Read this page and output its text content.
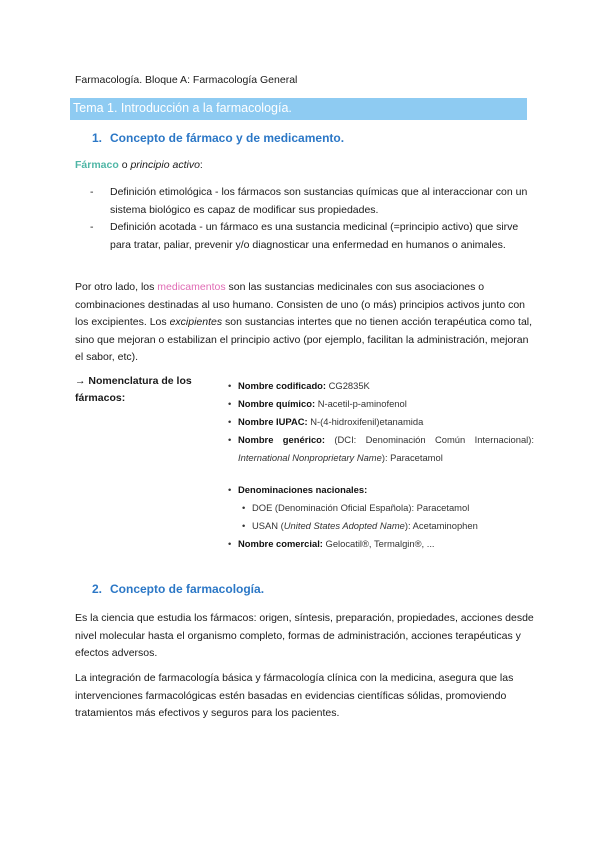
Farmacología. Bloque A: Farmacología General
Tema 1. Introducción a la farmacología.
1. Concepto de fármaco y de medicamento.
Fármaco o principio activo:
- Definición etimológica - los fármacos son sustancias químicas que al interaccionar con un sistema biológico es capaz de modificar sus propiedades.
- Definición acotada - un fármaco es una sustancia medicinal (=principio activo) que sirve para tratar, paliar, prevenir y/o diagnosticar una enfermedad en humanos o animales.
Por otro lado, los medicamentos son las sustancias medicinales con sus asociaciones o combinaciones destinadas al uso humano. Consisten de uno (o más) principios activos junto con los excipientes. Los excipientes son sustancias intertes que no tienen acción terapéutica como tal, sino que mejoran o estabilizan el principio activo (por ejemplo, facilitan la administración, mejoran el sabor, etc).
→ Nomenclatura de los fármacos:
• Nombre codificado: CG2835K
• Nombre químico: N-acetil-p-aminofenol
• Nombre IUPAC: N-(4-hidroxifenil)etanamida
• Nombre genérico: (DCI: Denominación Común Internacional): International Nonproprietary Name): Paracetamol
• Denominaciones nacionales:
• DOE (Denominación Oficial Española): Paracetamol
• USAN (United States Adopted Name): Acetaminophen
• Nombre comercial: Gelocatil®, Termalgin®, ...
2. Concepto de farmacología.
Es la ciencia que estudia los fármacos: origen, síntesis, preparación, propiedades, acciones desde nivel molecular hasta el organismo completo, formas de administración, acciones terapéuticas y efectos adversos.
La integración de farmacología básica y fármacología clínica con la medicina, asegura que las intervenciones farmacológicas estén basadas en evidencias científicas sólidas, promoviendo tratamientos más efectivos y seguros para los pacientes.
